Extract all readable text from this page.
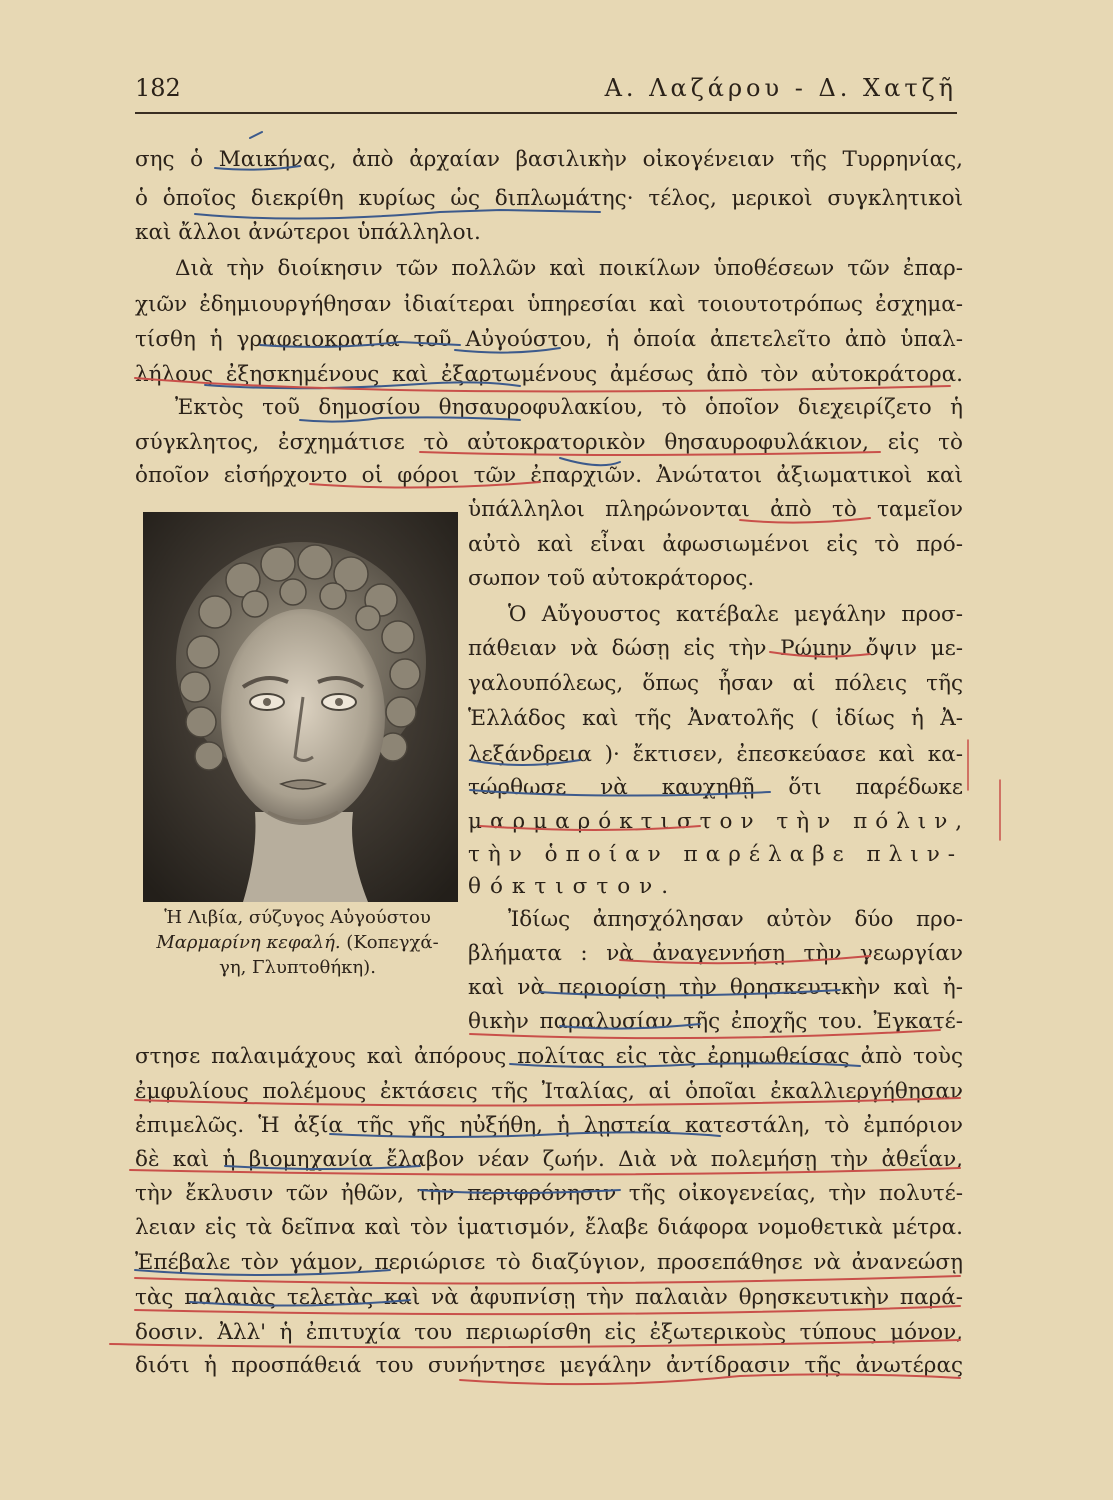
182	Α. Λαζάρου - Δ. Χατζῆ

σης ὁ Μαικήνας, ἀπὸ ἀρχαίαν βασιλικὴν οἰκογένειαν τῆς Τυρρηνίας,

ὁ ὁποῖος διεκρίθη κυρίως ὡς διπλωμάτης· τέλος, μερικοὶ συγκλητικοὶ

καὶ ἄλλοι ἀνώτεροι ὑπάλληλοι.

Διὰ τὴν διοίκησιν τῶν πολλῶν καὶ ποικίλων ὑποθέσεων τῶν ἐπαρ-

χιῶν ἐδημιουργήθησαν ἰδιαίτεραι ὑπηρεσίαι καὶ τοιουτοτρόπως ἐσχημα-

τίσθη ἡ γραφειοκρατία τοῦ Αὐγούστου, ἡ ὁποία ἀπετελεῖτο ἀπὸ ὑπαλ-

λήλους ἐξησκημένους καὶ ἐξαρτωμένους ἀμέσως ἀπὸ τὸν αὐτοκράτορα.

Ἐκτὸς τοῦ δημοσίου θησαυροφυλακίου, τὸ ὁποῖον διεχειρίζετο ἡ

σύγκλητος, ἐσχημάτισε τὸ αὐτοκρατορικὸν θησαυροφυλάκιον, εἰς τὸ

ὁποῖον εἰσήρχοντο οἱ φόροι τῶν ἐπαρχιῶν. Ἀνώτατοι ἀξιωματικοὶ καὶ

ὑπάλληλοι πληρώνονται ἀπὸ τὸ ταμεῖον

αὐτὸ καὶ εἶναι ἀφωσιωμένοι εἰς τὸ πρό-

σωπον τοῦ αὐτοκράτορος.

Ὁ Αὔγουστος κατέβαλε μεγάλην προσ-

πάθειαν νὰ δώσῃ εἰς τὴν Ρώμην ὄψιν με-

γαλουπόλεως, ὅπως ἦσαν αἱ πόλεις τῆς

Ἑλλάδος καὶ τῆς Ἀνατολῆς ( ἰδίως ἡ Ἀ-

λεξάνδρεια )· ἔκτισεν, ἐπεσκεύασε καὶ κα-

τώρθωσε νὰ καυχηθῇ ὅτι παρέδωκε

μαρμαρόκτιστον τὴν πόλιν,

τὴν ὁποίαν παρέλαβε πλιν-

θόκτιστον.

Ἰδίως ἀπησχόλησαν αὐτὸν δύο προ-

βλήματα : νὰ ἀναγεννήσῃ τὴν γεωργίαν

καὶ νὰ περιορίσῃ τὴν θρησκευτικὴν καὶ ἠ-

θικὴν παραλυσίαν τῆς ἐποχῆς του. Ἐγκατέ-

Ἡ Λιβία, σύζυγος Αὐγούστου
Μαρμαρίνη κεφαλή. (Κοπεγχά-
γη, Γλυπτοθήκη).

στησε παλαιμάχους καὶ ἀπόρους πολίτας εἰς τὰς ἐρημωθείσας ἀπὸ τοὺς

ἐμφυλίους πολέμους ἐκτάσεις τῆς Ἰταλίας, αἱ ὁποῖαι ἐκαλλιεργήθησαν

ἐπιμελῶς. Ἡ ἀξία τῆς γῆς ηὐξήθη, ἡ λῃστεία κατεστάλη, τὸ ἐμπόριον

δὲ καὶ ἡ βιομηχανία ἔλαβον νέαν ζωήν. Διὰ νὰ πολεμήσῃ τὴν ἀθεΐαν,

τὴν ἔκλυσιν τῶν ἠθῶν, τὴν περιφρόνησιν τῆς οἰκογενείας, τὴν πολυτέ-

λειαν εἰς τὰ δεῖπνα καὶ τὸν ἱματισμόν, ἔλαβε διάφορα νομοθετικὰ μέτρα.

Ἐπέβαλε τὸν γάμον, περιώρισε τὸ διαζύγιον, προσεπάθησε νὰ ἀνανεώσῃ

τὰς παλαιὰς τελετὰς καὶ νὰ ἀφυπνίσῃ τὴν παλαιὰν θρησκευτικὴν παρά-

δοσιν. Ἀλλ' ἡ ἐπιτυχία του περιωρίσθη εἰς ἐξωτερικοὺς τύπους μόνον,

διότι ἡ προσπάθειά του συνήντησε μεγάλην ἀντίδρασιν τῆς ἀνωτέρας
